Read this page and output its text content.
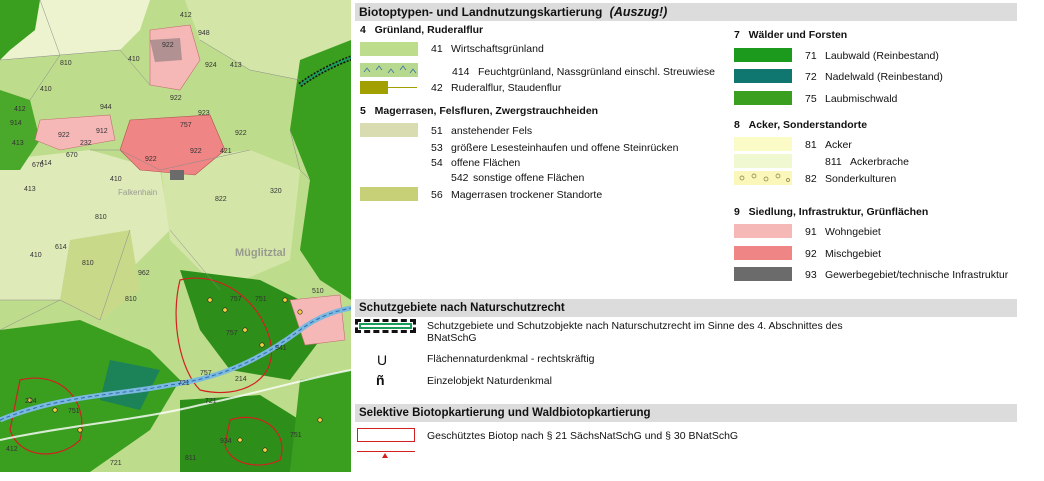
Müglitztal
Falkenhain
412
948
922
410
413
924
810
944
922
410
412
923
757
922
922
232
670
912
413
414
922
421
922
914
410
670
413	320
822
810
614
810
962
810
410
757 751
757
941
510
721
757
214
214
751
721
412
721
811
934
751
Biotoptypen- und Landnutzungskartierung (Auszug!)
4 Grünland, Ruderalflur
41 Wirtschaftsgrünland
414 Feuchtgrünland, Nassgrünland einschl. Streuwiese
42 Ruderalflur, Staudenflur
5 Magerrasen, Felsfluren, Zwergstrauchheiden
51 anstehender Fels
53 größere Lesesteinhaufen und offene Steinrücken
54 offene Flächen
542 sonstige offene Flächen
56 Magerrasen trockener Standorte
7 Wälder und Forsten
71 Laubwald (Reinbestand)
72 Nadelwald (Reinbestand)
75 Laubmischwald
8 Acker, Sonderstandorte
81 Acker
811 Ackerbrache
82 Sonderkulturen
9 Siedlung, Infrastruktur, Grünflächen
91 Wohngebiet
92 Mischgebiet
93 Gewerbegebiet/technische Infrastruktur
Schutzgebiete nach Naturschutzrecht
Schutzgebiete und Schutzobjekte nach Naturschutzrecht im Sinne des 4. Abschnittes des BNatSchG
U	Flächennaturdenkmal - rechtskräftig
ñ	Einzelobjekt Naturdenkmal
Selektive Biotopkartierung und Waldbiotopkartierung
Geschütztes Biotop nach § 21 SächsNatSchG und § 30 BNatSchG
